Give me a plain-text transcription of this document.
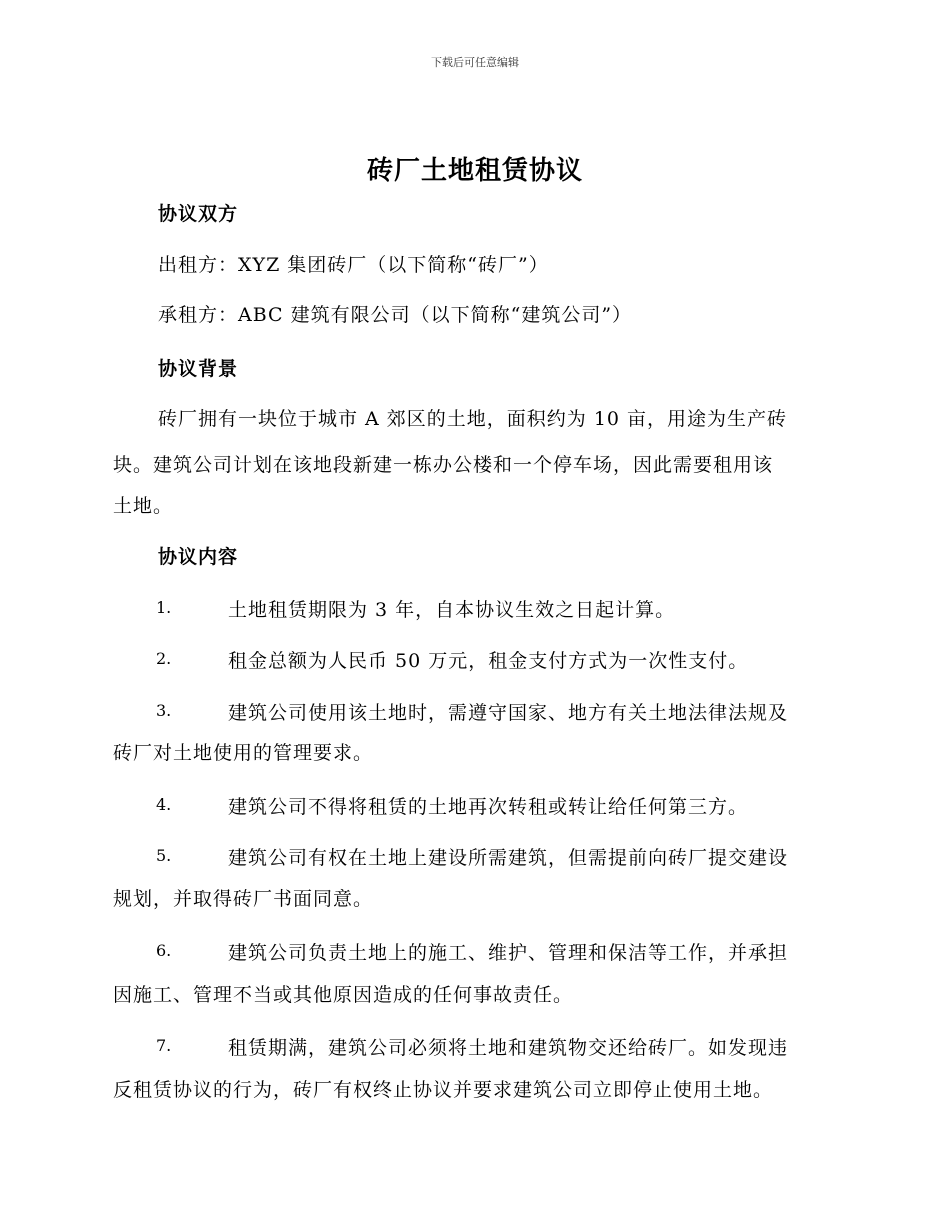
下载后可任意编辑
砖厂土地租赁协议
协议双方
出租方：XYZ 集团砖厂（以下简称“砖厂”）
承租方：ABC 建筑有限公司（以下简称“建筑公司”）
协议背景
砖厂拥有一块位于城市 A 郊区的土地，面积约为 10 亩，用途为生产砖
块。建筑公司计划在该地段新建一栋办公楼和一个停车场，因此需要租用该
土地。
协议内容
1.	土地租赁期限为 3 年，自本协议生效之日起计算。
2.	租金总额为人民币 50 万元，租金支付方式为一次性支付。
3.	建筑公司使用该土地时，需遵守国家、地方有关土地法律法规及
砖厂对土地使用的管理要求。
4.	建筑公司不得将租赁的土地再次转租或转让给任何第三方。
5.	建筑公司有权在土地上建设所需建筑，但需提前向砖厂提交建设
规划，并取得砖厂书面同意。
6.	建筑公司负责土地上的施工、维护、管理和保洁等工作，并承担
因施工、管理不当或其他原因造成的任何事故责任。
7.	租赁期满，建筑公司必须将土地和建筑物交还给砖厂。如发现违
反租赁协议的行为，砖厂有权终止协议并要求建筑公司立即停止使用土地。
